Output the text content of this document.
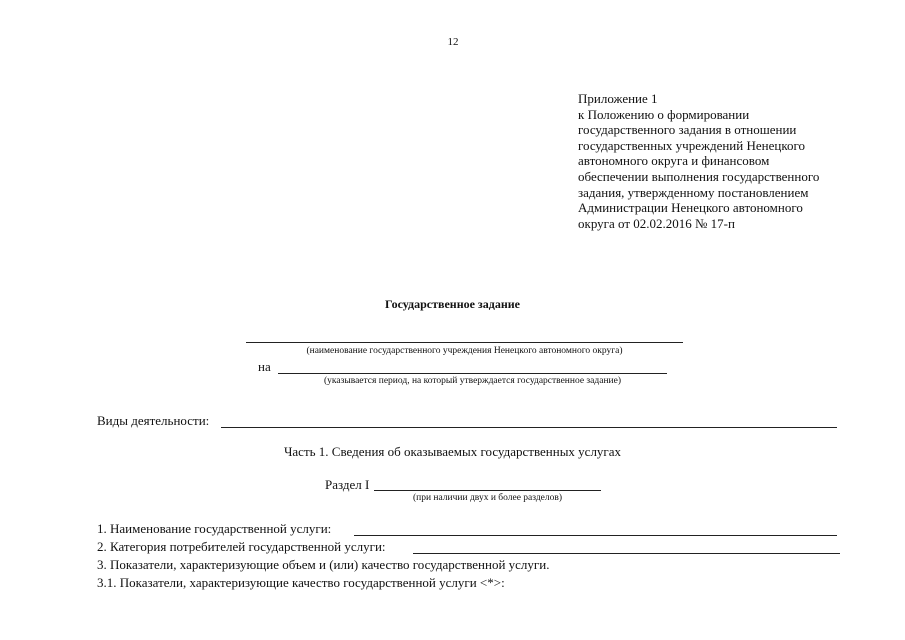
12
Приложение 1
к Положению о формировании
государственного задания в отношении
государственных учреждений Ненецкого
автономного округа и финансовом
обеспечении выполнения государственного
задания, утвержденному постановлением
Администрации Ненецкого автономного
округа от 02.02.2016 № 17-п
Государственное задание
(наименование государственного учреждения Ненецкого автономного округа)
на
(указывается период, на который утверждается государственное задание)
Виды деятельности:
Часть 1. Сведения об оказываемых государственных услугах
Раздел I
(при наличии двух и более разделов)
1. Наименование государственной услуги:
2. Категория потребителей государственной услуги:
3. Показатели, характеризующие объем и (или) качество государственной услуги.
3.1. Показатели, характеризующие качество государственной услуги <*>:
